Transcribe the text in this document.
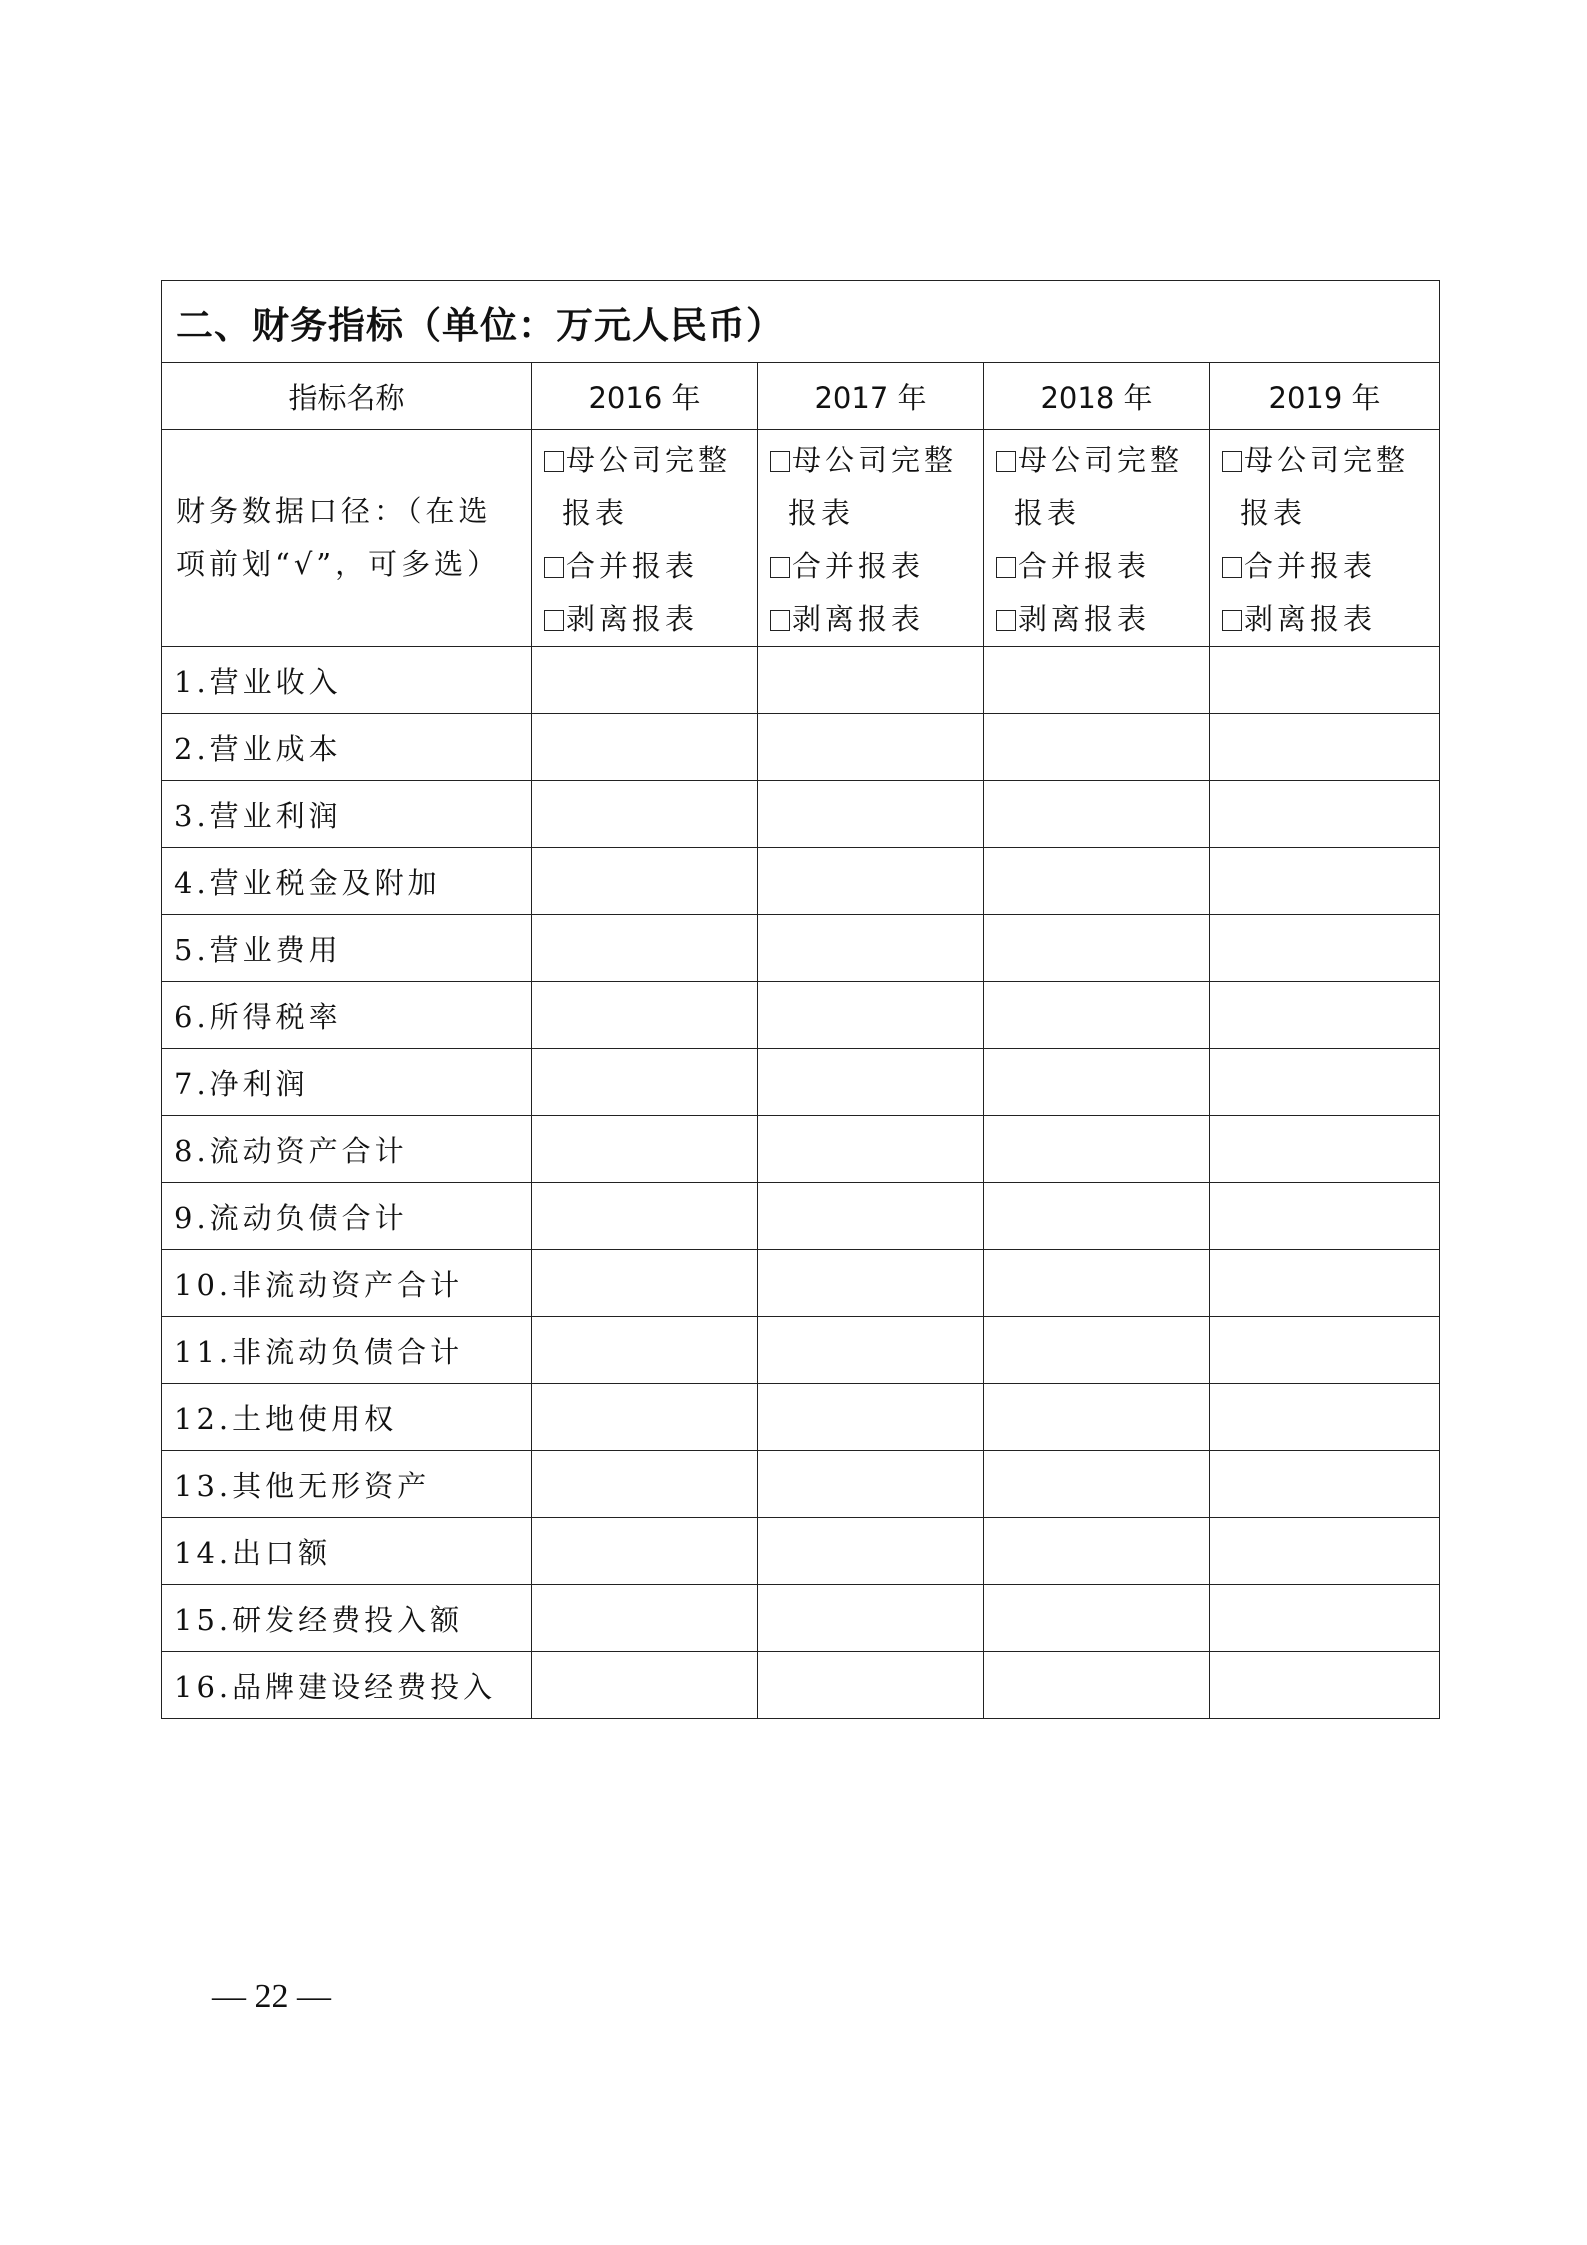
二、财务指标（单位：万元人民币）				
指标名称	2016 年	2017 年	2018 年	2019 年

财务数据口径：（在选
项前划“√”，可多选）	母公司完整
报表
合并报表
剥离报表	母公司完整
报表
合并报表
剥离报表	母公司完整
报表
合并报表
剥离报表	母公司完整
报表
合并报表
剥离报表

1.营业收入				
2.营业成本				
3.营业利润				
4.营业税金及附加				
5.营业费用				
6.所得税率				
7.净利润				
8.流动资产合计				
9.流动负债合计				
10.非流动资产合计				
11.非流动负债合计				
12.土地使用权				
13.其他无形资产				
14.出口额				
15.研发经费投入额				
16.品牌建设经费投入				
— 22 —
